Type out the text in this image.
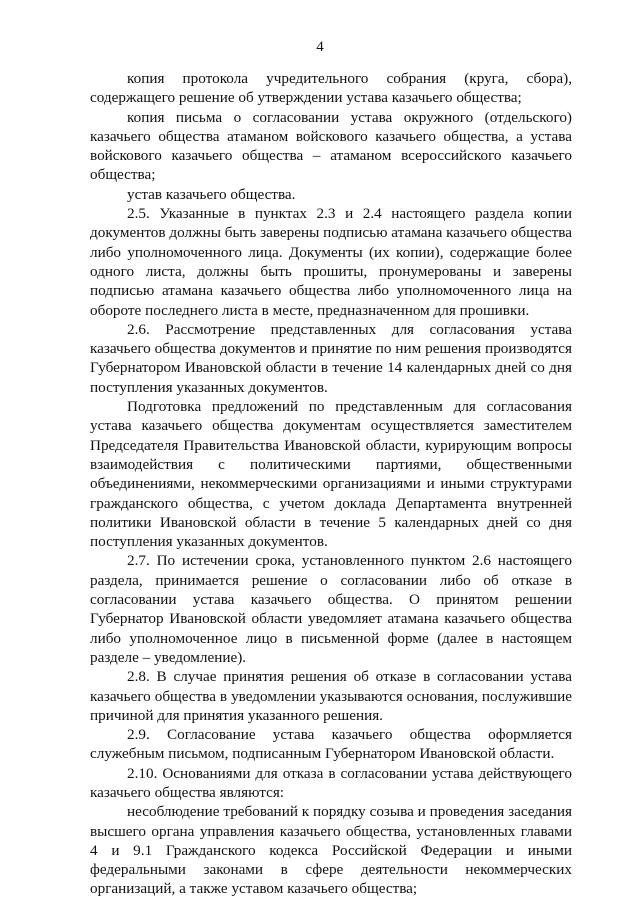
4

копия протокола учредительного собрания (круга, сбора), содержащего решение об утверждении устава казачьего общества;

копия письма о согласовании устава окружного (отдельского) казачьего общества атаманом войскового казачьего общества, а устава войскового казачьего общества – атаманом всероссийского казачьего общества;

устав казачьего общества.

2.5. Указанные в пунктах 2.3 и 2.4 настоящего раздела копии документов должны быть заверены подписью атамана казачьего общества либо уполномоченного лица. Документы (их копии), содержащие более одного листа, должны быть прошиты, пронумерованы и заверены подписью атамана казачьего общества либо уполномоченного лица на обороте последнего листа в месте, предназначенном для прошивки.

2.6. Рассмотрение представленных для согласования устава казачьего общества документов и принятие по ним решения производятся Губернатором Ивановской области в течение 14 календарных дней со дня поступления указанных документов.

Подготовка предложений по представленным для согласования устава казачьего общества документам осуществляется заместителем Председателя Правительства Ивановской области, курирующим вопросы взаимодействия с политическими партиями, общественными объединениями, некоммерческими организациями и иными структурами гражданского общества, с учетом доклада Департамента внутренней политики Ивановской области в течение 5 календарных дней со дня поступления указанных документов.

2.7. По истечении срока, установленного пунктом 2.6 настоящего раздела, принимается решение о согласовании либо об отказе в согласовании устава казачьего общества. О принятом решении Губернатор Ивановской области уведомляет атамана казачьего общества либо уполномоченное лицо в письменной форме (далее в настоящем разделе – уведомление).

2.8. В случае принятия решения об отказе в согласовании устава казачьего общества в уведомлении указываются основания, послужившие причиной для принятия указанного решения.

2.9. Согласование устава казачьего общества оформляется служебным письмом, подписанным Губернатором Ивановской области.

2.10. Основаниями для отказа в согласовании устава действующего казачьего общества являются:

несоблюдение требований к порядку созыва и проведения заседания высшего органа управления казачьего общества, установленных главами 4 и 9.1 Гражданского кодекса Российской Федерации и иными федеральными законами в сфере деятельности некоммерческих организаций, а также уставом казачьего общества;
